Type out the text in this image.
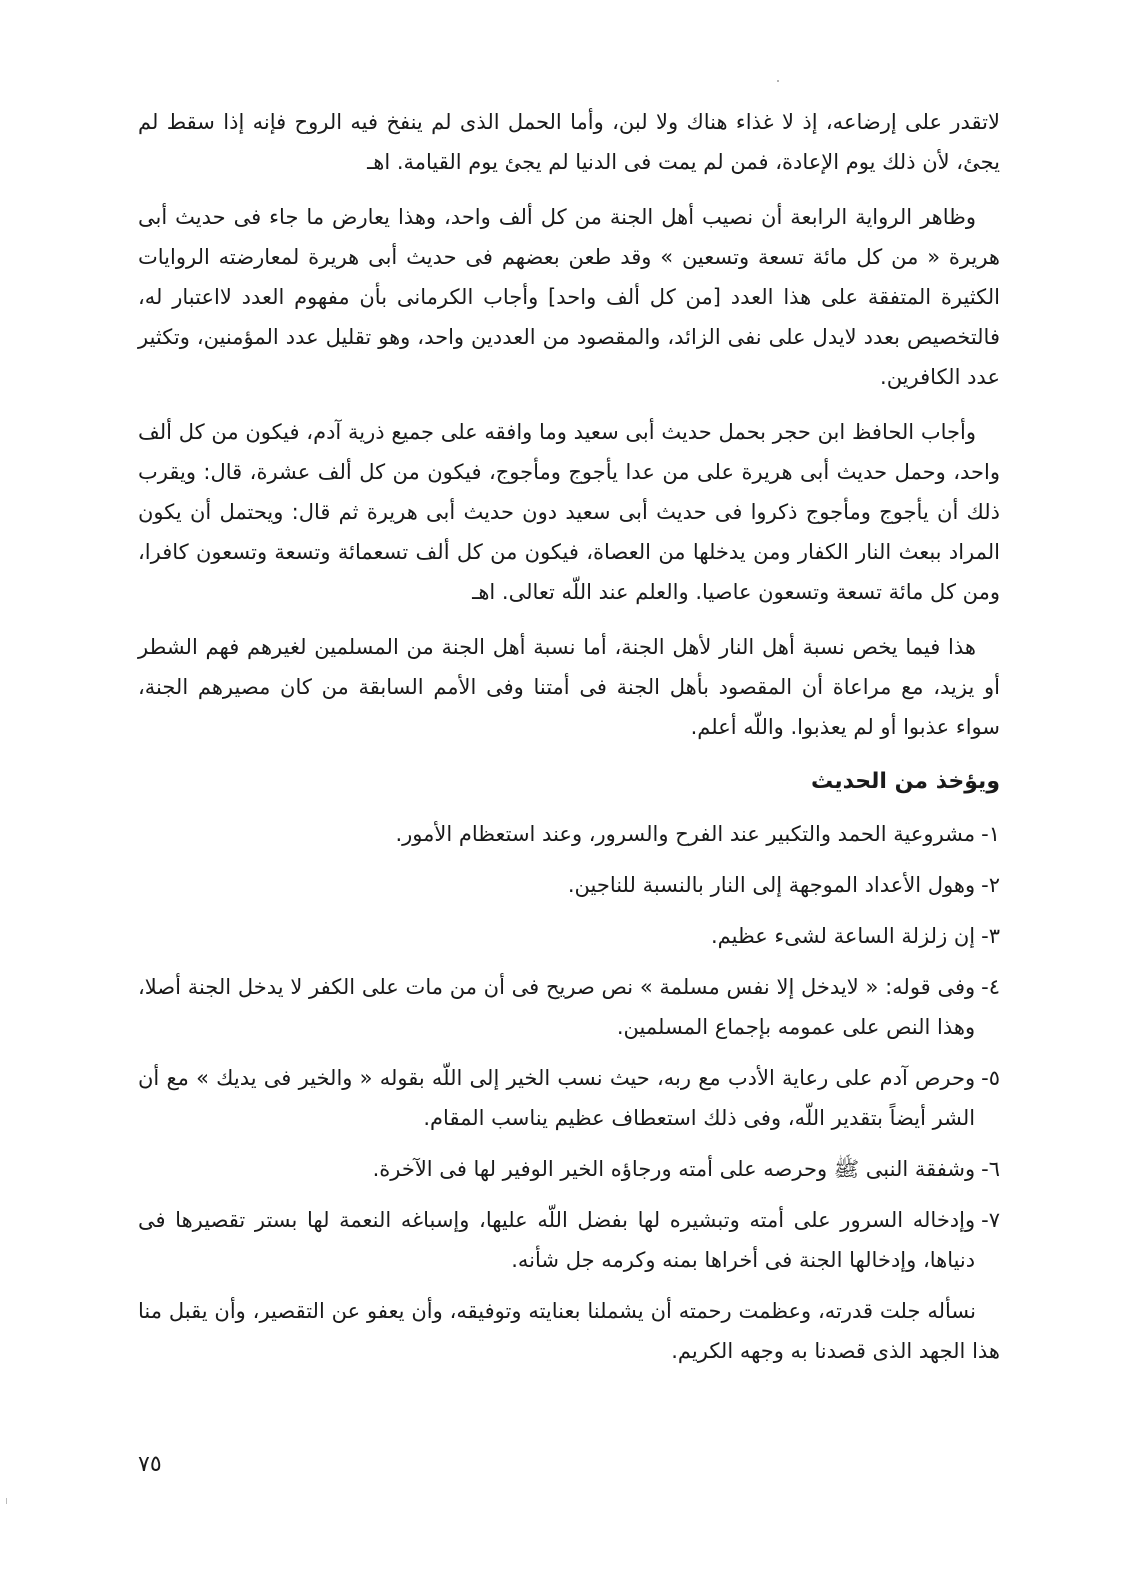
لاتقدر على إرضاعه، إذ لا غذاء هناك ولا لبن، وأما الحمل الذى لم ينفخ فيه الروح فإنه إذا سقط لم يجئ، لأن ذلك يوم الإعادة، فمن لم يمت فى الدنيا لم يجئ يوم القيامة. اهـ

وظاهر الرواية الرابعة أن نصيب أهل الجنة من كل ألف واحد، وهذا يعارض ما جاء فى حديث أبى هريرة « من كل مائة تسعة وتسعين » وقد طعن بعضهم فى حديث أبى هريرة لمعارضته الروايات الكثيرة المتفقة على هذا العدد [من كل ألف واحد] وأجاب الكرمانى بأن مفهوم العدد لااعتبار له، فالتخصيص بعدد لايدل على نفى الزائد، والمقصود من العددين واحد، وهو تقليل عدد المؤمنين، وتكثير عدد الكافرين.

وأجاب الحافظ ابن حجر بحمل حديث أبى سعيد وما وافقه على جميع ذرية آدم، فيكون من كل ألف واحد، وحمل حديث أبى هريرة على من عدا يأجوج ومأجوج، فيكون من كل ألف عشرة، قال: ويقرب ذلك أن يأجوج ومأجوج ذكروا فى حديث أبى سعيد دون حديث أبى هريرة ثم قال: ويحتمل أن يكون المراد ببعث النار الكفار ومن يدخلها من العصاة، فيكون من كل ألف تسعمائة وتسعة وتسعون كافرا، ومن كل مائة تسعة وتسعون عاصيا. والعلم عند اللّه تعالى. اهـ

هذا فيما يخص نسبة أهل النار لأهل الجنة، أما نسبة أهل الجنة من المسلمين لغيرهم فهم الشطر أو يزيد، مع مراعاة أن المقصود بأهل الجنة فى أمتنا وفى الأمم السابقة من كان مصيرهم الجنة، سواء عذبوا أو لم يعذبوا. واللّه أعلم.

ويؤخذ من الحديث
١-
مشروعية الحمد والتكبير عند الفرح والسرور، وعند استعظام الأمور.
٢-
وهول الأعداد الموجهة إلى النار بالنسبة للناجين.
٣-
إن زلزلة الساعة لشىء عظيم.
٤-
وفى قوله: « لايدخل إلا نفس مسلمة » نص صريح فى أن من مات على الكفر لا يدخل الجنة أصلا، وهذا النص على عمومه بإجماع المسلمين.
٥-
وحرص آدم على رعاية الأدب مع ربه، حيث نسب الخير إلى اللّه بقوله « والخير فى يديك » مع أن الشر أيضاً بتقدير اللّه، وفى ذلك استعطاف عظيم يناسب المقام.
٦-
وشفقة النبى ﷺ وحرصه على أمته ورجاؤه الخير الوفير لها فى الآخرة.
٧-
وإدخاله السرور على أمته وتبشيره لها بفضل اللّه عليها، وإسباغه النعمة لها بستر تقصيرها فى دنياها، وإدخالها الجنة فى أخراها بمنه وكرمه جل شأنه.

نسأله جلت قدرته، وعظمت رحمته أن يشملنا بعنايته وتوفيقه، وأن يعفو عن التقصير، وأن يقبل منا هذا الجهد الذى قصدنا به وجهه الكريم.

٧٥
